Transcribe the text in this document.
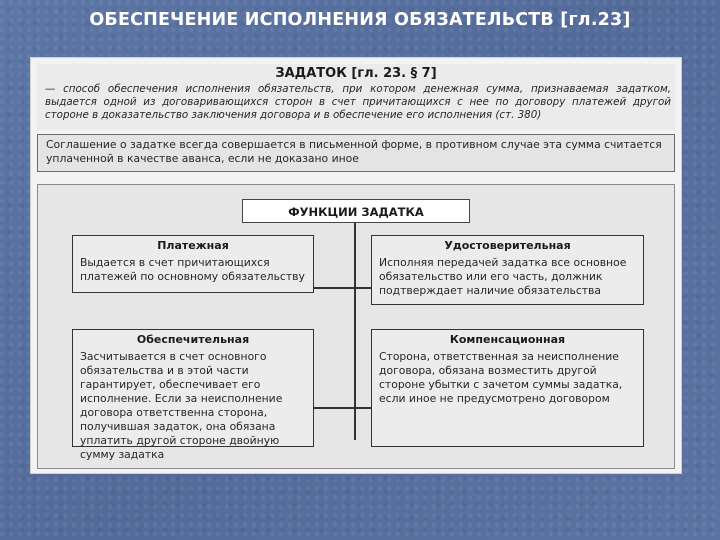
ОБЕСПЕЧЕНИЕ ИСПОЛНЕНИЯ ОБЯЗАТЕЛЬСТВ [гл.23]
ЗАДАТОК [гл. 23. § 7]
— способ обеспечения исполнения обязательств, при котором денежная сумма, признаваемая задатком, выдается одной из договаривающихся сторон в счет причитающихся с нее по договору платежей другой стороне в доказательство заключения договора и в обеспечение его исполнения (ст. 380)
Соглашение о задатке всегда совершается в письменной форме, в противном случае эта сумма считается уплаченной в качестве аванса, если не доказано иное
ФУНКЦИИ ЗАДАТКА
Платежная
Выдается в счет причитающихся платежей по основному обязательству
Удостоверительная
Исполняя передачей задатка все основное обязательство или его часть, должник подтверждает наличие обязательства
Обеспечительная
Засчитывается в счет основного обязательства и в этой части гарантирует, обеспечивает его исполнение. Если за неисполнение договора ответственна сторона, получившая задаток, она обязана уплатить другой стороне двойную сумму задатка
Компенсационная
Сторона, ответственная за неисполнение договора, обязана возместить другой стороне убытки с зачетом суммы задатка, если иное не предусмотрено договором
